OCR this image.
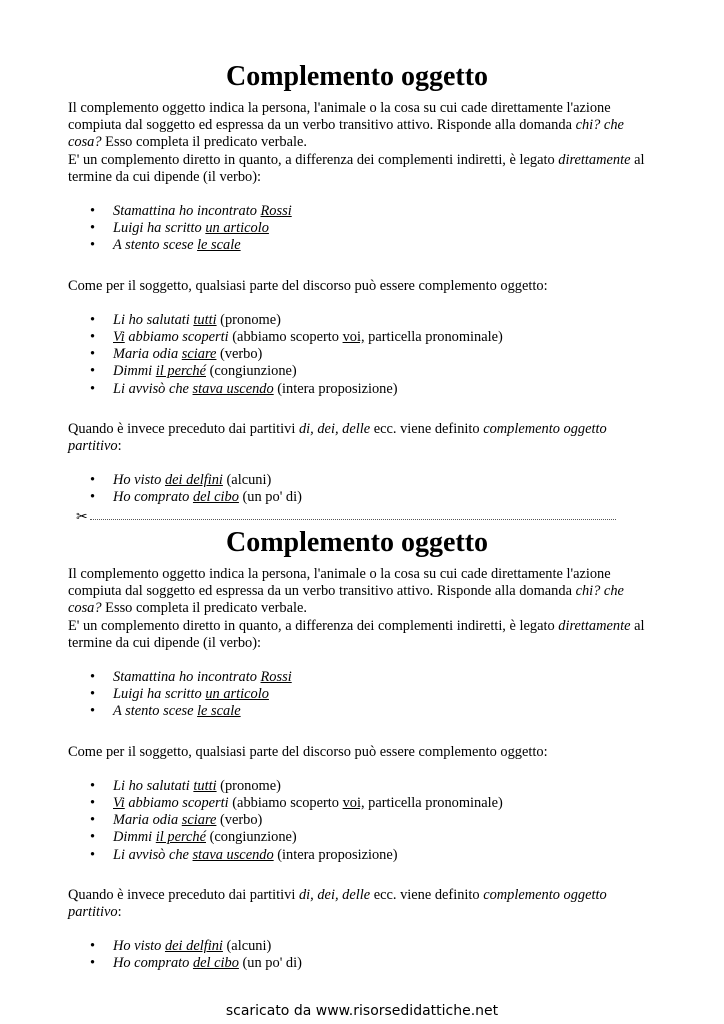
Complemento oggetto

Il complemento oggetto indica la persona, l'animale o la cosa su cui cade direttamente l'azione compiuta dal soggetto ed espressa da un verbo transitivo attivo. Risponde alla domanda chi? che cosa? Esso completa il predicato verbale.

E' un complemento diretto in quanto, a differenza dei complementi indiretti, è legato direttamente al termine da cui dipende (il verbo):

• Stamattina ho incontrato Rossi
• Luigi ha scritto un articolo
• A stento scese le scale

Come per il soggetto, qualsiasi parte del discorso può essere complemento oggetto:

• Li ho salutati tutti (pronome)
• Vi abbiamo scoperti (abbiamo scoperto voi, particella pronominale)
• Maria odia sciare (verbo)
• Dimmi il perché (congiunzione)
• Li avvisò che stava uscendo (intera proposizione)

Quando è invece preceduto dai partitivi di, dei, delle ecc. viene definito complemento oggetto partitivo:

• Ho visto dei delfini (alcuni)
• Ho comprato del cibo (un po' di)
✂
Complemento oggetto

Il complemento oggetto indica la persona, l'animale o la cosa su cui cade direttamente l'azione compiuta dal soggetto ed espressa da un verbo transitivo attivo. Risponde alla domanda chi? che cosa? Esso completa il predicato verbale.

E' un complemento diretto in quanto, a differenza dei complementi indiretti, è legato direttamente al termine da cui dipende (il verbo):

• Stamattina ho incontrato Rossi
• Luigi ha scritto un articolo
• A stento scese le scale

Come per il soggetto, qualsiasi parte del discorso può essere complemento oggetto:

• Li ho salutati tutti (pronome)
• Vi abbiamo scoperti (abbiamo scoperto voi, particella pronominale)
• Maria odia sciare (verbo)
• Dimmi il perché (congiunzione)
• Li avvisò che stava uscendo (intera proposizione)

Quando è invece preceduto dai partitivi di, dei, delle ecc. viene definito complemento oggetto partitivo:

• Ho visto dei delfini (alcuni)
• Ho comprato del cibo (un po' di)
scaricato da www.risorsedidattiche.net
